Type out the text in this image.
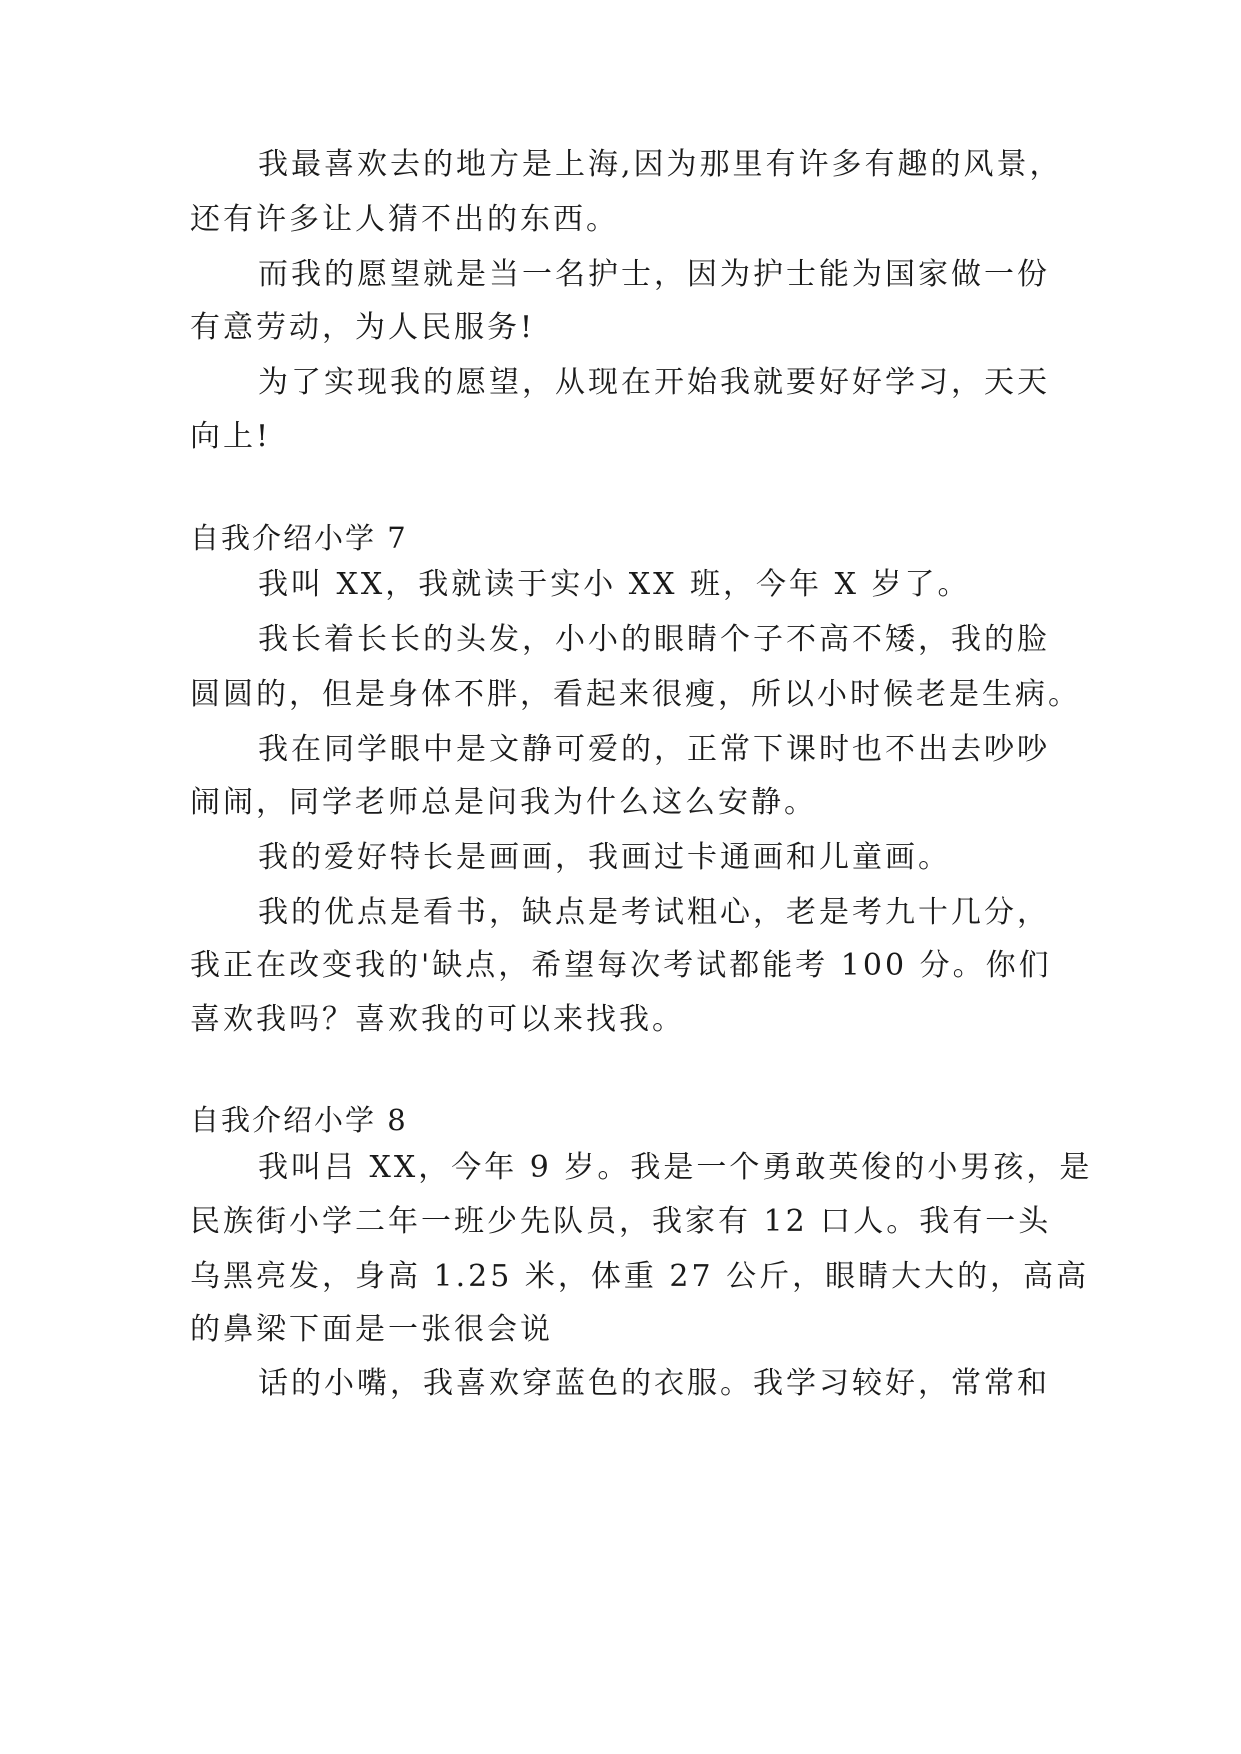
我最喜欢去的地方是上海,因为那里有许多有趣的风景，

还有许多让人猜不出的东西。

而我的愿望就是当一名护士，因为护士能为国家做一份

有意劳动，为人民服务!

为了实现我的愿望，从现在开始我就要好好学习，天天

向上!

自我介绍小学 7

我叫 XX，我就读于实小 XX 班，今年 X 岁了。

我长着长长的头发，小小的眼睛个子不高不矮，我的脸

圆圆的，但是身体不胖，看起来很瘦，所以小时候老是生病。

我在同学眼中是文静可爱的，正常下课时也不出去吵吵

闹闹，同学老师总是问我为什么这么安静。

我的爱好特长是画画，我画过卡通画和儿童画。

我的优点是看书，缺点是考试粗心，老是考九十几分，

我正在改变我的'缺点，希望每次考试都能考 100 分。你们

喜欢我吗？喜欢我的可以来找我。

自我介绍小学 8

我叫吕 XX，今年 9 岁。我是一个勇敢英俊的小男孩，是

民族街小学二年一班少先队员，我家有 12 口人。我有一头

乌黑亮发，身高 1.25 米，体重 27 公斤，眼睛大大的，高高

的鼻梁下面是一张很会说

话的小嘴，我喜欢穿蓝色的衣服。我学习较好，常常和
